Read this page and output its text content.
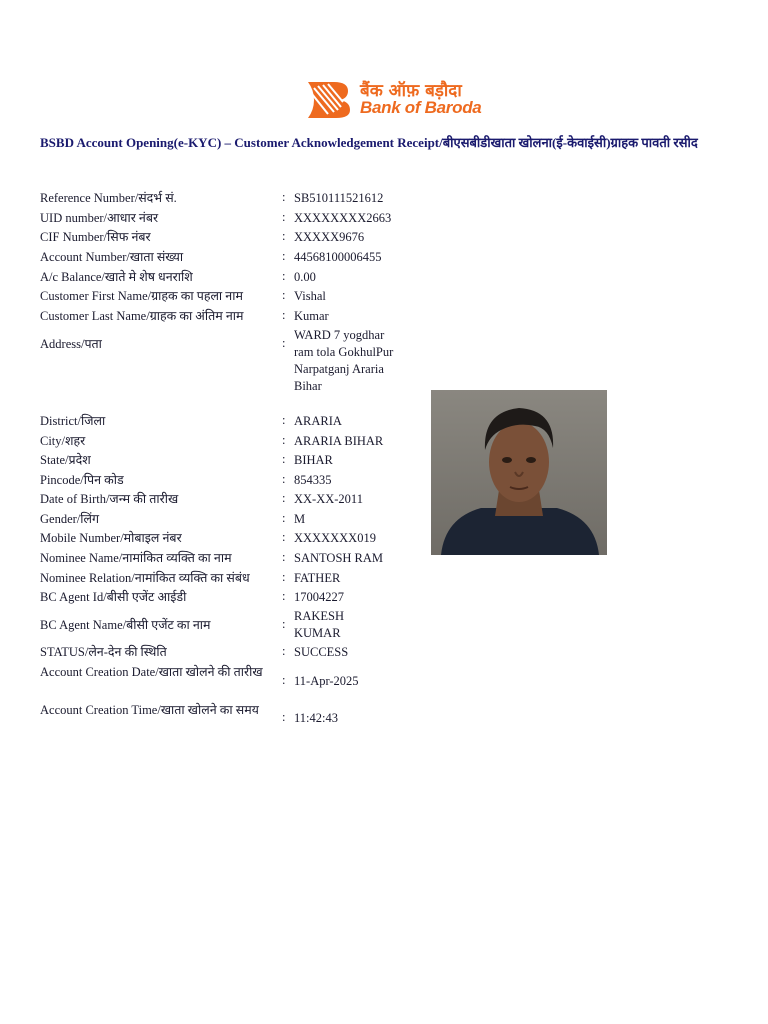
बैंक ऑफ़ बड़ौदा
Bank of Baroda
BSBD Account Opening(e-KYC) – Customer Acknowledgement Receipt/बीएसबीडीखाता खोलना(ई-केवाईसी)ग्राहक पावती रसीद
Reference Number/संदर्भ सं.	: SB510111521612
UID number/आधार नंबर	: XXXXXXXX2663
CIF Number/सिफ नंबर	: XXXXX9676
Account Number/खाता संख्या	: 44568100006455
A/c Balance/खाते मे शेष धनराशि	: 0.00
Customer First Name/ग्राहक का पहला नाम	: Vishal
Customer Last Name/ग्राहक का अंतिम नाम	: Kumar
Address/पता	:
WARD 7 yogdhar ram tola GokhulPur Narpatganj Araria Bihar
District/जिला	: ARARIA
City/शहर	: ARARIA BIHAR
State/प्रदेश	: BIHAR
Pincode/पिन कोड	: 854335
Date of Birth/जन्म की तारीख	: XX-XX-2011
Gender/लिंग	: M
Mobile Number/मोबाइल नंबर	: XXXXXXX019
Nominee Name/नामांकित व्यक्ति का नाम	: SANTOSH RAM
Nominee Relation/नामांकित व्यक्ति का संबंध	: FATHER
BC Agent Id/बीसी एजेंट आईडी	: 17004227
BC Agent Name/बीसी एजेंट का नाम	:
RAKESH KUMAR
STATUS/लेन-देन की स्थिति	: SUCCESS
Account Creation Date/खाता खोलने की तारीख
: 11-Apr-2025
Account Creation Time/खाता खोलने का समय	: 11:42:43
